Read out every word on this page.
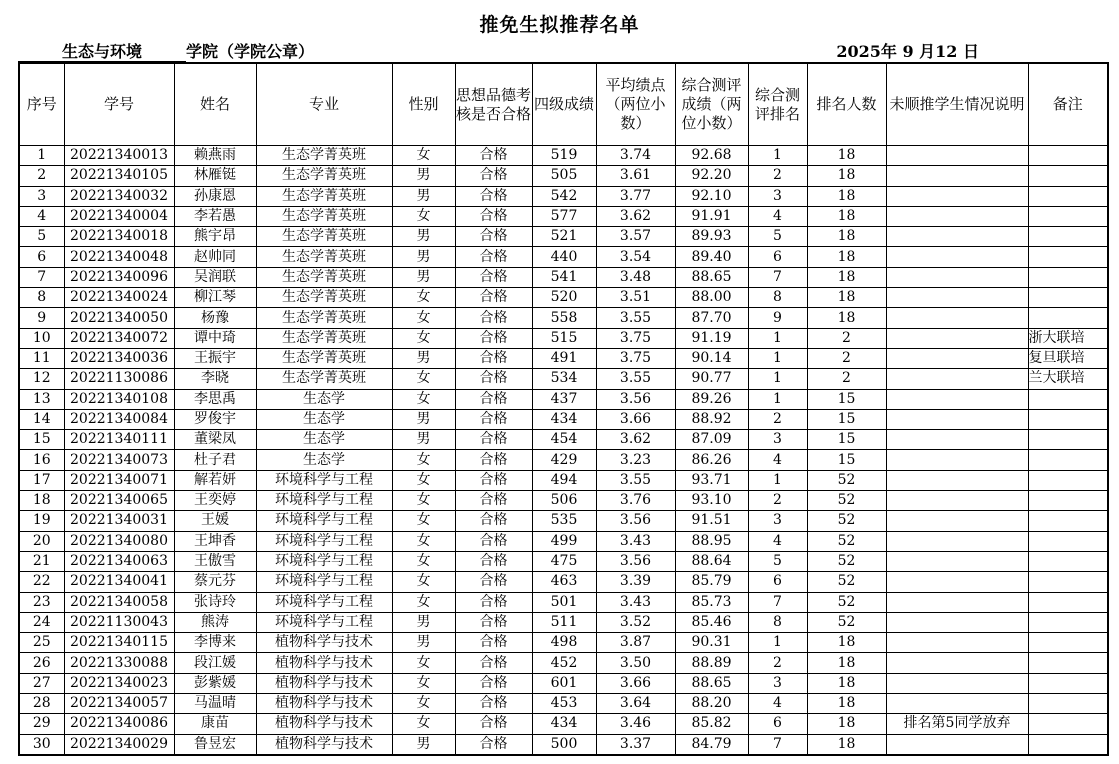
推免生拟推荐名单
生态与环境	学院（学院公章）	2025年 9 月12 日
序号	学号	姓名	专业	性别	思想品德考核是否合格	四级成绩	平均绩点（两位小数）	综合测评成绩（两位小数）	综合测评排名	排名人数	未顺推学生情况说明	备注
1	20221340013	赖燕雨	生态学菁英班	女	合格	519	3.74	92.68	1	18		
2	20221340105	林雁铤	生态学菁英班	男	合格	505	3.61	92.20	2	18		
3	20221340032	孙康恩	生态学菁英班	男	合格	542	3.77	92.10	3	18		
4	20221340004	李若愚	生态学菁英班	女	合格	577	3.62	91.91	4	18		
5	20221340018	熊宇昂	生态学菁英班	男	合格	521	3.57	89.93	5	18		
6	20221340048	赵帅同	生态学菁英班	男	合格	440	3.54	89.40	6	18		
7	20221340096	吴润联	生态学菁英班	男	合格	541	3.48	88.65	7	18		
8	20221340024	柳江琴	生态学菁英班	女	合格	520	3.51	88.00	8	18		
9	20221340050	杨豫	生态学菁英班	女	合格	558	3.55	87.70	9	18		
10	20221340072	谭中琦	生态学菁英班	女	合格	515	3.75	91.19	1	2		浙大联培
11	20221340036	王振宇	生态学菁英班	男	合格	491	3.75	90.14	1	2		复旦联培
12	20221130086	李晓	生态学菁英班	女	合格	534	3.55	90.77	1	2		兰大联培
13	20221340108	李思禹	生态学	女	合格	437	3.56	89.26	1	15		
14	20221340084	罗俊宇	生态学	男	合格	434	3.66	88.92	2	15		
15	20221340111	董梁凤	生态学	男	合格	454	3.62	87.09	3	15		
16	20221340073	杜子君	生态学	女	合格	429	3.23	86.26	4	15		
17	20221340071	解若妍	环境科学与工程	女	合格	494	3.55	93.71	1	52		
18	20221340065	王奕婷	环境科学与工程	女	合格	506	3.76	93.10	2	52		
19	20221340031	王媛	环境科学与工程	女	合格	535	3.56	91.51	3	52		
20	20221340080	王坤香	环境科学与工程	女	合格	499	3.43	88.95	4	52		
21	20221340063	王傲雪	环境科学与工程	女	合格	475	3.56	88.64	5	52		
22	20221340041	蔡元芬	环境科学与工程	女	合格	463	3.39	85.79	6	52		
23	20221340058	张诗玲	环境科学与工程	女	合格	501	3.43	85.73	7	52		
24	20221130043	熊涛	环境科学与工程	男	合格	511	3.52	85.46	8	52		
25	20221340115	李博来	植物科学与技术	男	合格	498	3.87	90.31	1	18		
26	20221330088	段江媛	植物科学与技术	女	合格	452	3.50	88.89	2	18		
27	20221340023	彭紫媛	植物科学与技术	女	合格	601	3.66	88.65	3	18		
28	20221340057	马温晴	植物科学与技术	女	合格	453	3.64	88.20	4	18		
29	20221340086	康苗	植物科学与技术	女	合格	434	3.46	85.82	6	18	排名第5同学放弃	
30	20221340029	鲁昱宏	植物科学与技术	男	合格	500	3.37	84.79	7	18		
